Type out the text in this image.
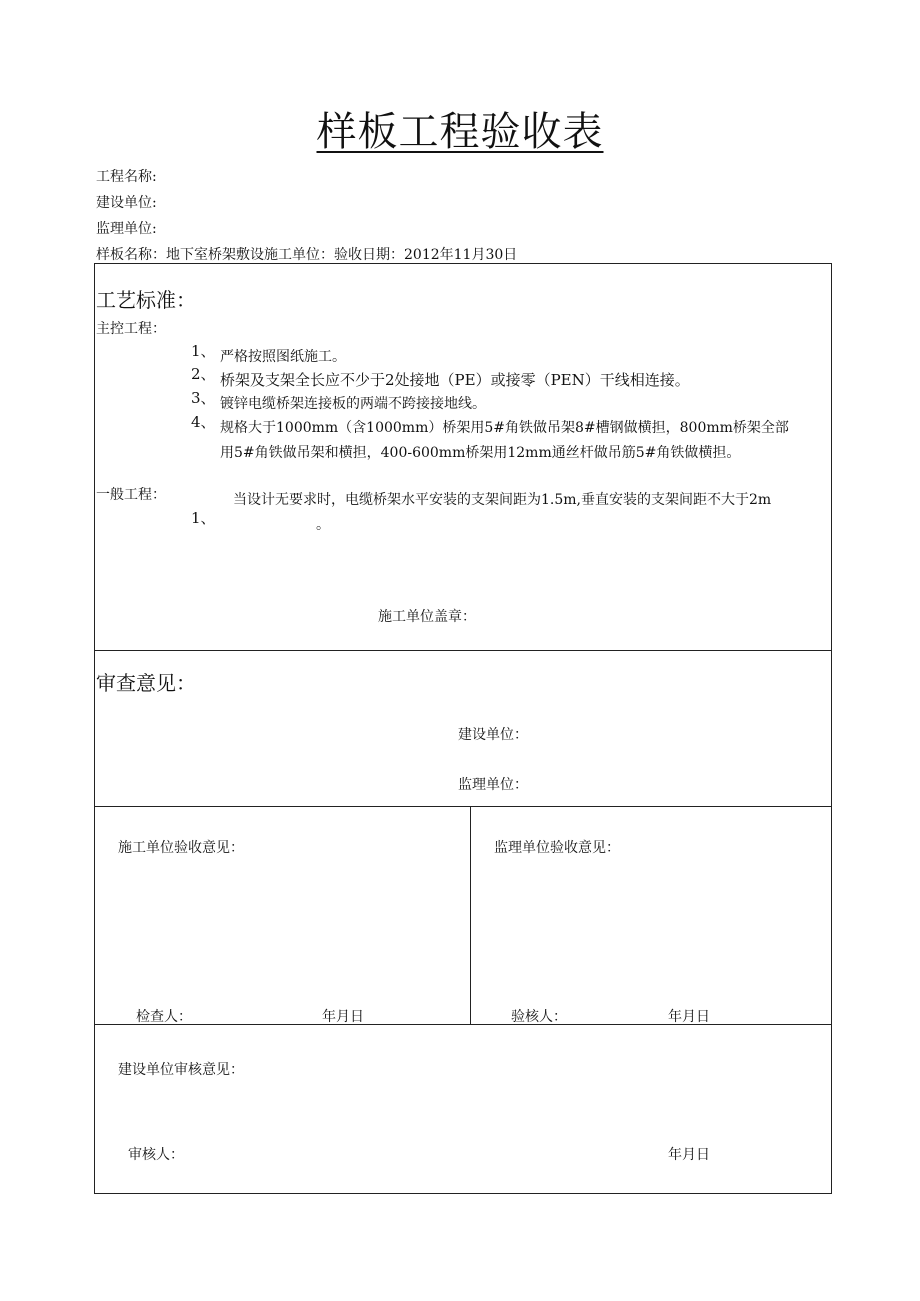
样板工程验收表
工程名称:
建设单位:
监理单位:
样板名称：地下室桥架敷设施工单位：验收日期：2012年11月30日
工艺标准：
主控工程：
1、 严格按照图纸施工。
2、 桥架及支架全长应不少于2处接地（PE）或接零（PEN）干线相连接。
3、 镀锌电缆桥架连接板的两端不跨接接地线。
4、 规格大于1000mm（含1000mm）桥架用5#角铁做吊架8#槽钢做横担，800mm桥架全部
用5#角铁做吊架和横担，400-600mm桥架用12mm通丝杆做吊筋5#角铁做横担。
一般工程：	当设计无要求时，电缆桥架水平安装的支架间距为1.5m,垂直安装的支架间距不大于2m
1、	。
施工单位盖章：
审查意见：
建设单位：
监理单位：
施工单位验收意见：
检查人：	年月日
监理单位验收意见：
验核人：	年月日
建设单位审核意见：
审核人：	年月日
